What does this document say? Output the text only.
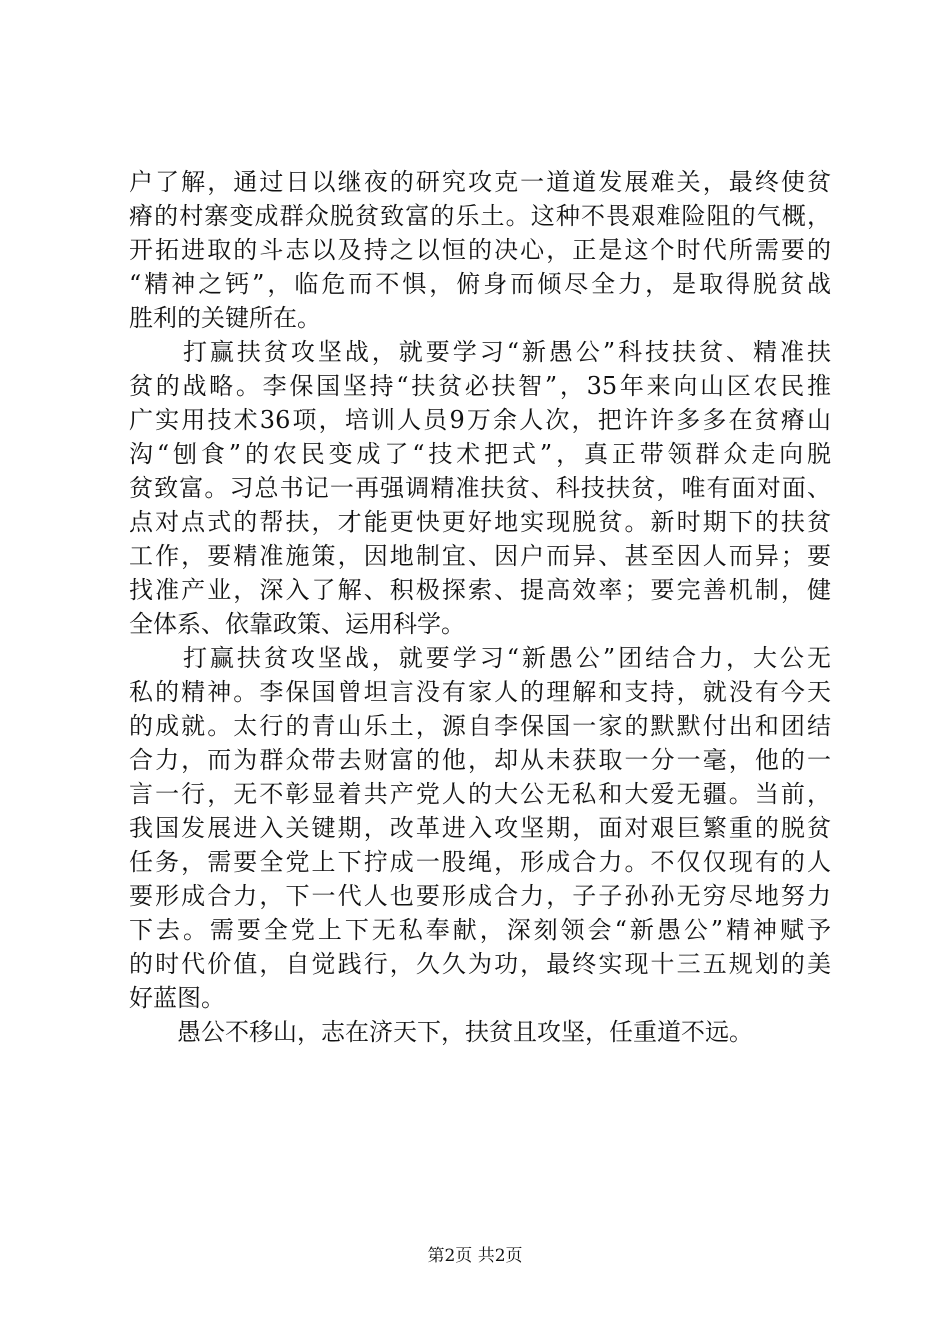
户了解，通过日以继夜的研究攻克一道道发展难关，最终使贫
瘠的村寨变成群众脱贫致富的乐土。这种不畏艰难险阻的气概，
开拓进取的斗志以及持之以恒的决心，正是这个时代所需要的
“精神之钙”，临危而不惧，俯身而倾尽全力，是取得脱贫战
胜利的关键所在。
　　打赢扶贫攻坚战，就要学习“新愚公”科技扶贫、精准扶
贫的战略。李保国坚持“扶贫必扶智”，35年来向山区农民推
广实用技术36项，培训人员9万余人次，把许许多多在贫瘠山
沟“刨食”的农民变成了“技术把式”，真正带领群众走向脱
贫致富。习总书记一再强调精准扶贫、科技扶贫，唯有面对面、
点对点式的帮扶，才能更快更好地实现脱贫。新时期下的扶贫
工作，要精准施策，因地制宜、因户而异、甚至因人而异；要
找准产业，深入了解、积极探索、提高效率；要完善机制，健
全体系、依靠政策、运用科学。
　　打赢扶贫攻坚战，就要学习“新愚公”团结合力，大公无
私的精神。李保国曾坦言没有家人的理解和支持，就没有今天
的成就。太行的青山乐土，源自李保国一家的默默付出和团结
合力，而为群众带去财富的他，却从未获取一分一毫，他的一
言一行，无不彰显着共产党人的大公无私和大爱无疆。当前，
我国发展进入关键期，改革进入攻坚期，面对艰巨繁重的脱贫
任务，需要全党上下拧成一股绳，形成合力。不仅仅现有的人
要形成合力，下一代人也要形成合力，子子孙孙无穷尽地努力
下去。需要全党上下无私奉献，深刻领会“新愚公”精神赋予
的时代价值，自觉践行，久久为功，最终实现十三五规划的美
好蓝图。
　　愚公不移山，志在济天下，扶贫且攻坚，任重道不远。
第2页 共2页
